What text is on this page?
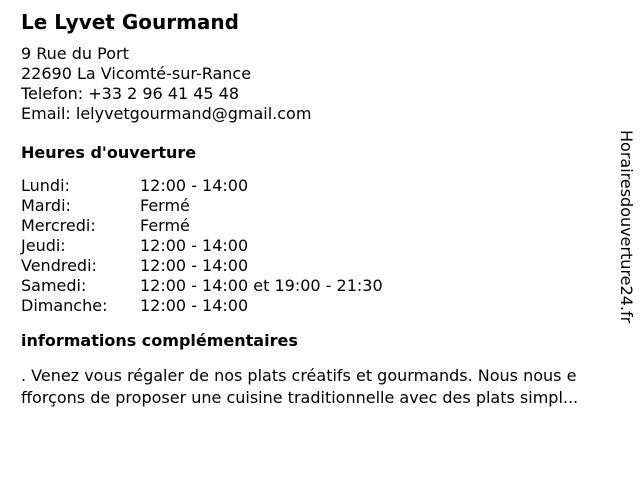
Le Lyvet Gourmand
9 Rue du Port
22690 La Vicomté-sur-Rance
Telefon: +33 2 96 41 45 48
Email: lelyvetgourmand@gmail.com
Heures d'ouverture
Lundi:	12:00 - 14:00
Mardi:	Fermé
Mercredi:	Fermé
Jeudi:	12:00 - 14:00
Vendredi:	12:00 - 14:00
Samedi:	12:00 - 14:00 et 19:00 - 21:30
Dimanche: 12:00 - 14:00
informations complémentaires
. Venez vous régaler de nos plats créatifs et gourmands. Nous nous e
fforçons de proposer une cuisine traditionnelle avec des plats simpl...
Horairesdouverture24.fr
